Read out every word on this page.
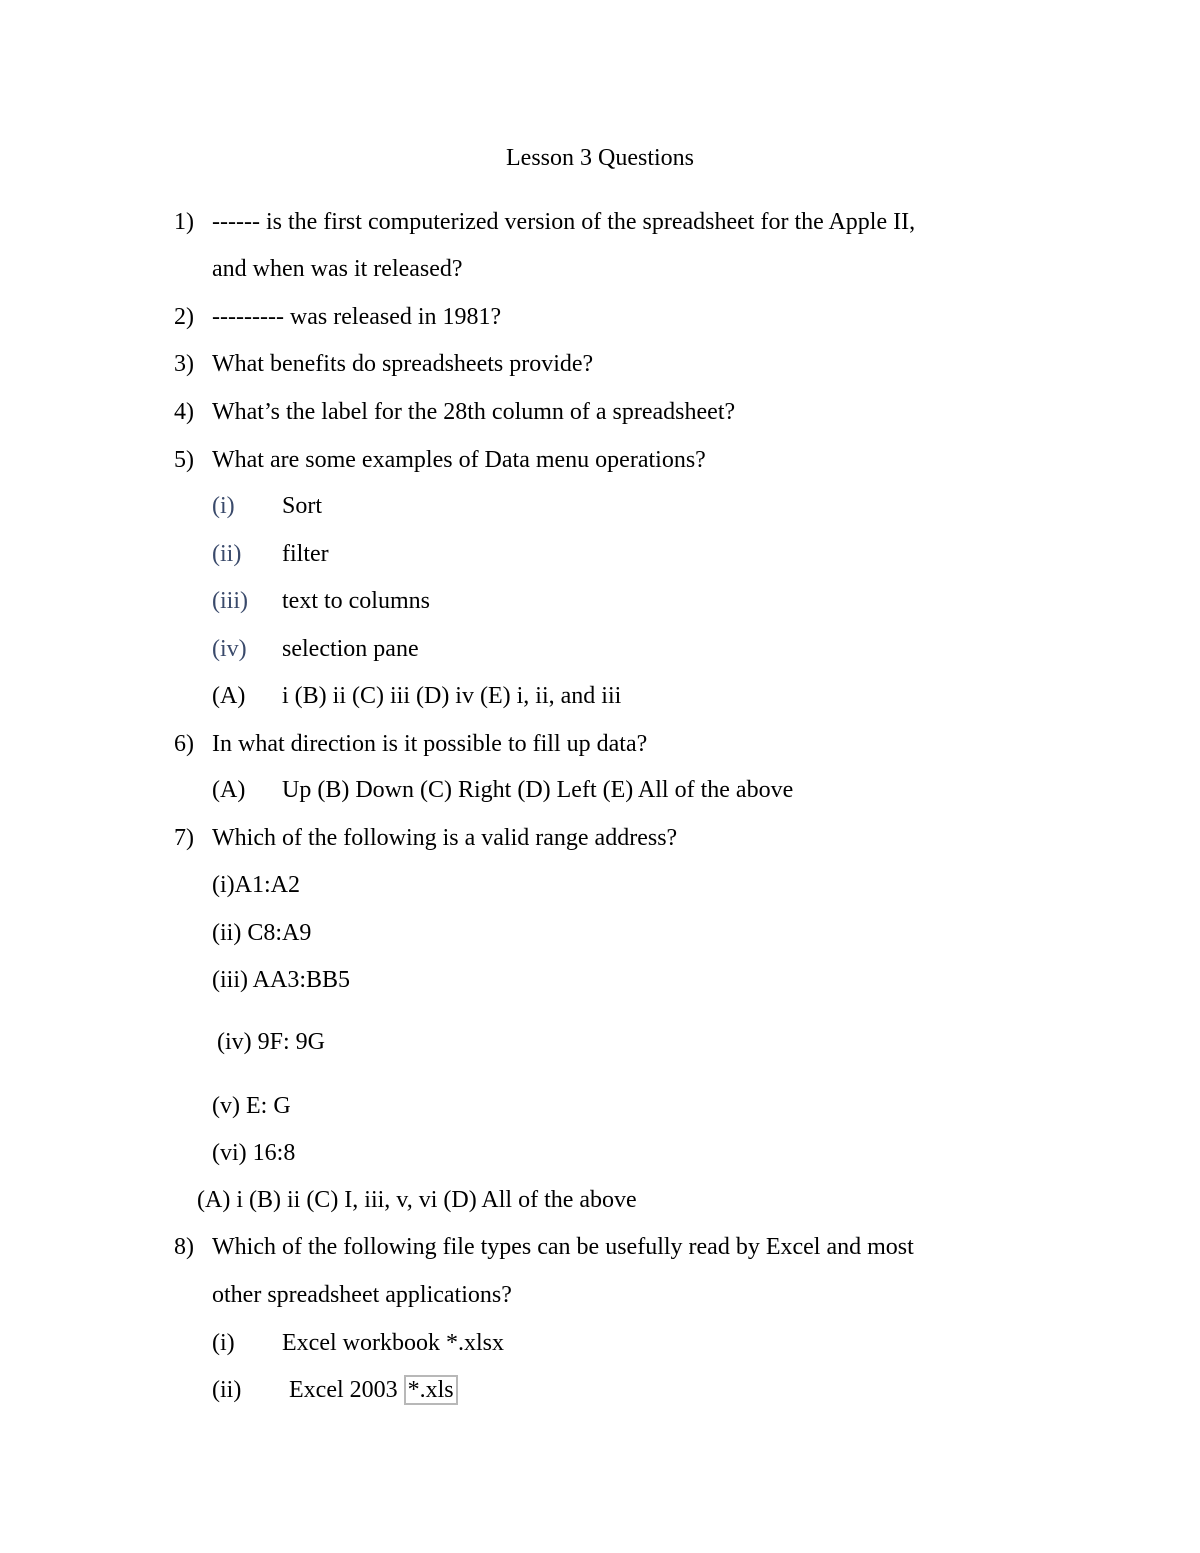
Lesson 3 Questions
1) ------ is the first computerized version of the spreadsheet for the Apple II,
and when was it released?
2) --------- was released in 1981?
3) What benefits do spreadsheets provide?
4) What’s the label for the 28th column of a spreadsheet?
5) What are some examples of Data menu operations?
(i) Sort
(ii) filter
(iii) text to columns
(iv) selection pane
(A) i (B) ii (C) iii (D) iv (E) i, ii, and iii
6) In what direction is it possible to fill up data?
(A) Up (B) Down (C) Right (D) Left (E) All of the above
7) Which of the following is a valid range address?
(i)A1:A2
(ii) C8:A9
(iii) AA3:BB5
(iv) 9F: 9G
(v) E: G
(vi) 16:8
(A) i (B) ii (C) I, iii, v, vi (D) All of the above
8) Which of the following file types can be usefully read by Excel and most
other spreadsheet applications?
(i) Excel workbook *.xlsx
(ii) Excel 2003 *.xls
